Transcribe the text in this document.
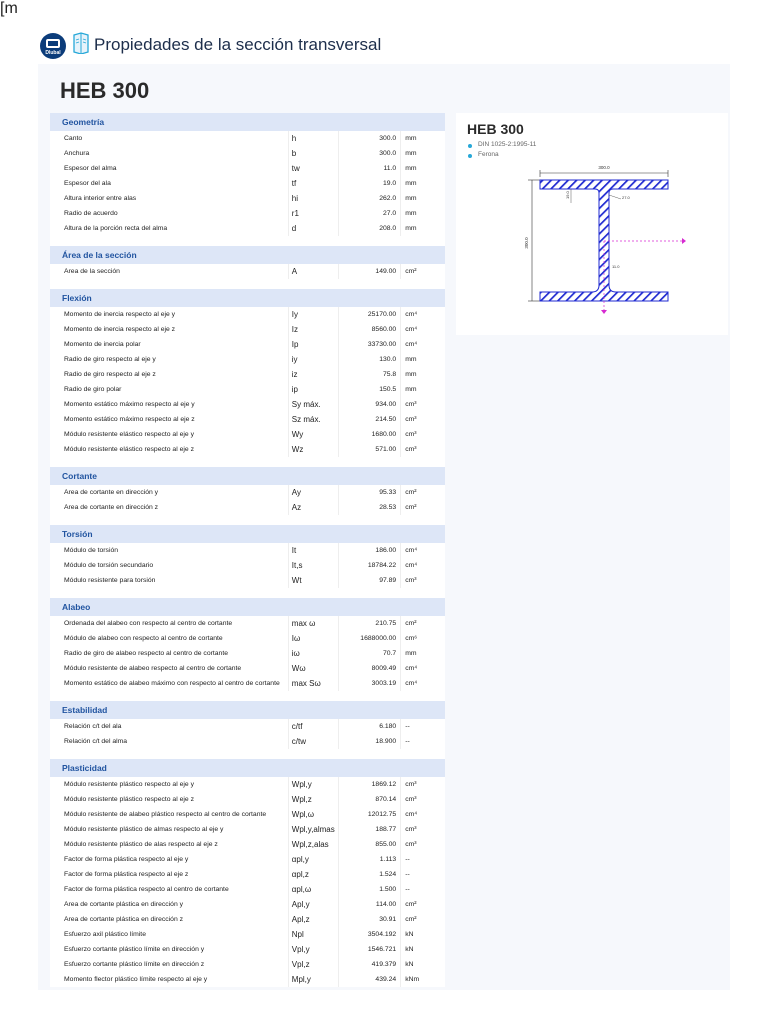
Dlubal	Propiedades de la sección transversal
HEB 300
Geometría
Canto	h	300.0	mm
Anchura	b	300.0	mm
Espesor del alma	tw	11.0	mm
Espesor del ala	tf	19.0	mm
Altura interior entre alas	hi	262.0	mm
Radio de acuerdo	r1	27.0	mm
Altura de la porción recta del alma	d	208.0	mm
Área de la sección
Área de la sección	A	149.00	cm²
Flexión
Momento de inercia respecto al eje y	Iy	25170.00	cm⁴
Momento de inercia respecto al eje z	Iz	8560.00	cm⁴
Momento de inercia polar	Ip	33730.00	cm⁴
Radio de giro respecto al eje y	iy	130.0	mm
Radio de giro respecto al eje z	iz	75.8	mm
Radio de giro polar	ip	150.5	mm
Momento estático máximo respecto al eje y	Sy máx.	934.00	cm³
Momento estático máximo respecto al eje z	Sz máx.	214.50	cm³
Módulo resistente elástico respecto al eje y	Wy	1680.00	cm³
Módulo resistente elástico respecto al eje z	Wz	571.00	cm³
Cortante
Área de cortante en dirección y	Ay	95.33	cm²
Área de cortante en dirección z	Az	28.53	cm²
Torsión
Módulo de torsión	It	186.00	cm⁴
Módulo de torsión secundario	It,s	18784.22	cm⁴
Módulo resistente para torsión	Wt	97.89	cm³
Alabeo
Ordenada del alabeo con respecto al centro de cortante	max ω	210.75	cm²
Módulo de alabeo con respecto al centro de cortante	Iω	1688000.00	cm⁶
Radio de giro de alabeo respecto al centro de cortante	iω	70.7	mm
Módulo resistente de alabeo respecto al centro de cortante	Wω	8009.49	cm⁴
Momento estático de alabeo máximo con respecto al centro de cortante	max Sω	3003.19	cm⁴
Estabilidad
Relación c/t del ala	c/tf	6.180	--
Relación c/t del alma	c/tw	18.900	--
Plasticidad
Módulo resistente plástico respecto al eje y	Wpl,y	1869.12	cm³
Módulo resistente plástico respecto al eje z	Wpl,z	870.14	cm³
Módulo resistente de alabeo plástico respecto al centro de cortante	Wpl,ω	12012.75	cm⁴
Módulo resistente plástico de almas respecto al eje y	Wpl,y,almas	188.77	cm³
Módulo resistente plástico de alas respecto al eje z	Wpl,z,alas	855.00	cm³
Factor de forma plástica respecto al eje y	αpl,y	1.113	--
Factor de forma plástica respecto al eje z	αpl,z	1.524	--
Factor de forma plástica respecto al centro de cortante	αpl,ω	1.500	--
Área de cortante plástica en dirección y	Apl,y	114.00	cm²
Área de cortante plástica en dirección z	Apl,z	30.91	cm²
Esfuerzo axil plástico límite	Npl	3504.192	kN
Esfuerzo cortante plástico límite en dirección y	Vpl,y	1546.721	kN
Esfuerzo cortante plástico límite en dirección z	Vpl,z	419.379	kN
Momento flector plástico límite respecto al eje y	Mpl,y	439.24	kNm
HEB 300
DIN 1025-2:1995-11
Ferona
300.0
300.0
19.0	27.0
11.0
[m
